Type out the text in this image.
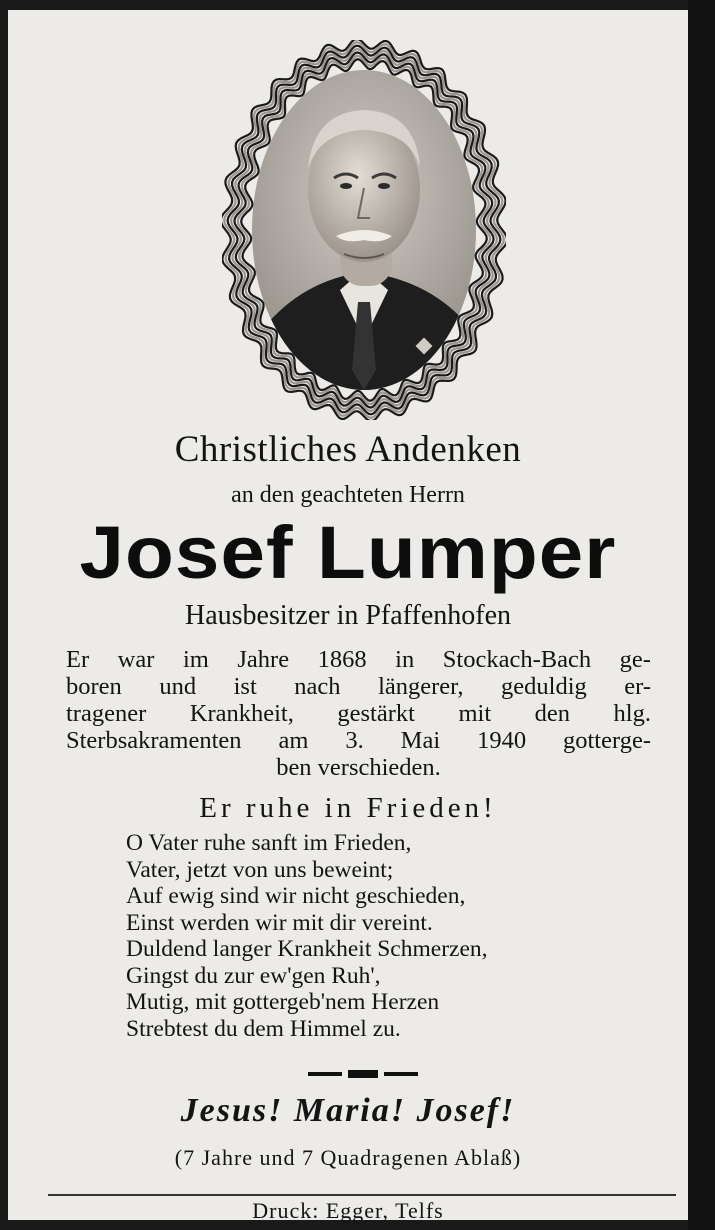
Christliches Andenken
an den geachteten Herrn
Josef Lumper
Hausbesitzer in Pfaffenhofen
Er war im Jahre 1868 in Stockach-Bach ge-
boren und ist nach längerer, geduldig er-
tragener Krankheit, gestärkt mit den hlg.
Sterbsakramenten am 3. Mai 1940 gotterge-
ben verschieden.
Er ruhe in Frieden!
O Vater ruhe sanft im Frieden,
Vater, jetzt von uns beweint;
Auf ewig sind wir nicht geschieden,
Einst werden wir mit dir vereint.
Duldend langer Krankheit Schmerzen,
Gingst du zur ew'gen Ruh',
Mutig, mit gottergeb'nem Herzen
Strebtest du dem Himmel zu.
Jesus! Maria! Josef!
(7 Jahre und 7 Quadragenen Ablaß)
Druck: Egger, Telfs
